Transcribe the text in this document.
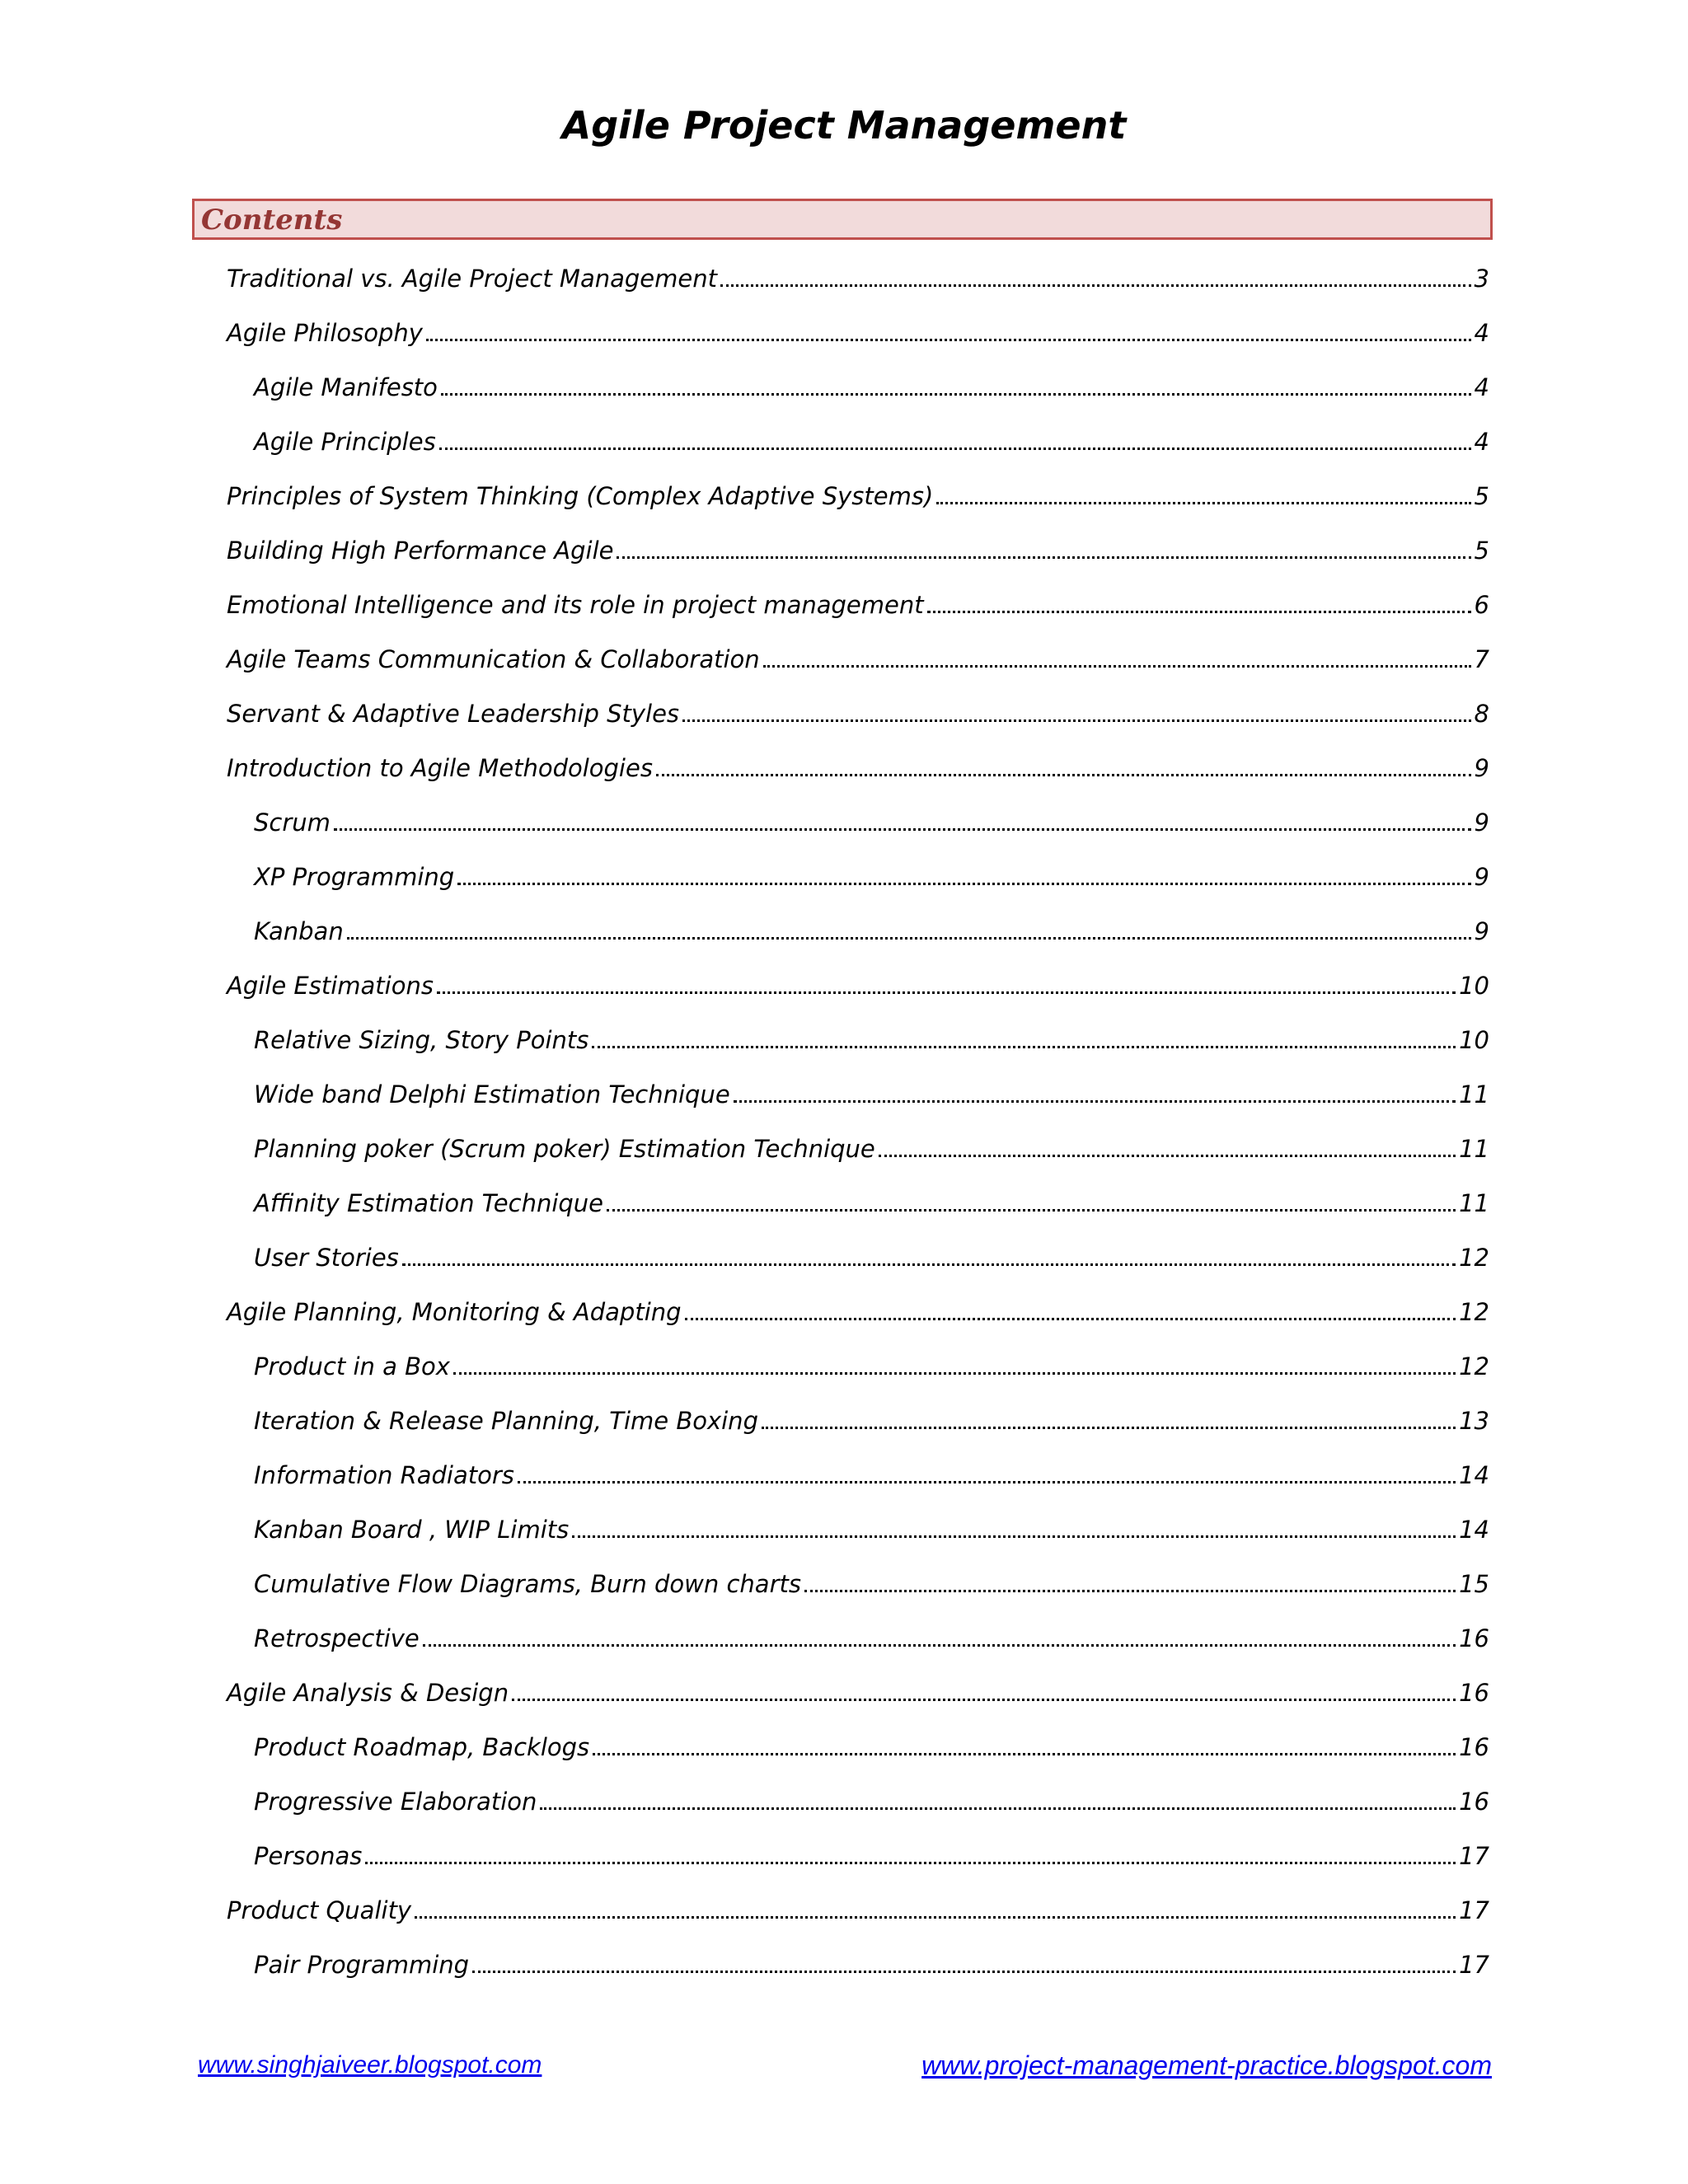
Agile Project Management
Contents
Traditional vs. Agile Project Management	3
Agile Philosophy	4
Agile Manifesto	4
Agile Principles	4
Principles of System Thinking (Complex Adaptive Systems)	5
Building High Performance Agile	5
Emotional Intelligence and its role in project management	6
Agile Teams Communication & Collaboration	7
Servant & Adaptive Leadership Styles	8
Introduction to Agile Methodologies	9
Scrum	9
XP Programming	9
Kanban	9
Agile Estimations	10
Relative Sizing, Story Points	10
Wide band Delphi Estimation Technique	11
Planning poker (Scrum poker) Estimation Technique	11
Affinity Estimation Technique	11
User Stories	12
Agile Planning, Monitoring & Adapting	12
Product in a Box	12
Iteration & Release Planning, Time Boxing	13
Information Radiators	14
Kanban Board , WIP Limits	14
Cumulative Flow Diagrams, Burn down charts	15
Retrospective	16
Agile Analysis & Design	16
Product Roadmap, Backlogs	16
Progressive Elaboration	16
Personas	17
Product Quality	17
Pair Programming	17
www.singhjaiveer.blogspot.com	www.project-management-practice.blogspot.com
